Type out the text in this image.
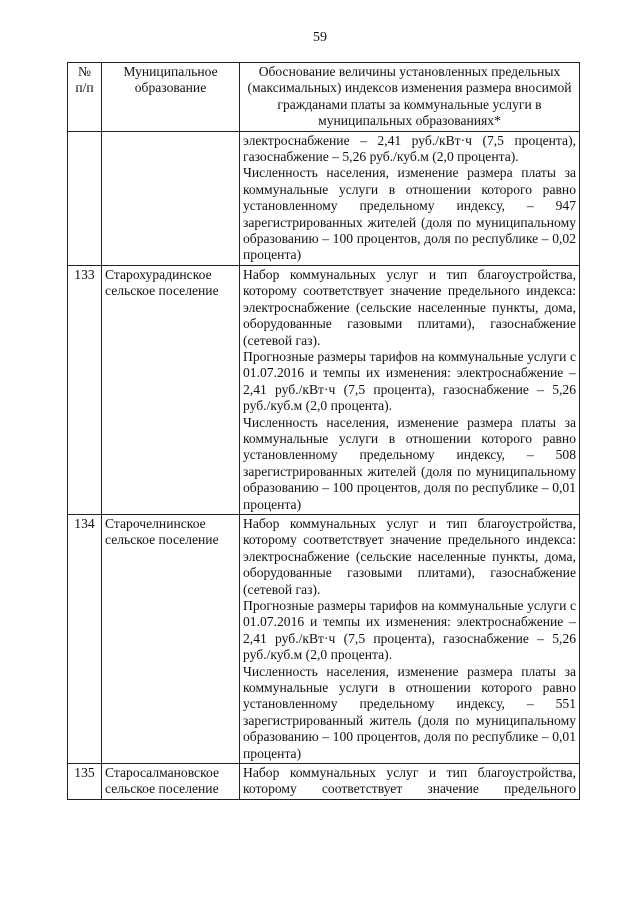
59
№ п/п	Муниципальное образование	Обоснование величины установленных предельных (максимальных) индексов изменения размера вносимой гражданами платы за коммунальные услуги в муниципальных образованиях*

		электроснабжение – 2,41 руб./кВт·ч (7,5 процента), газоснабжение – 5,26 руб./куб.м (2,0 процента).

Численность населения, изменение размера платы за коммунальные услуги в отношении которого равно установленному предельному индексу, – 947 зарегистрированных жителей (доля по муниципальному образованию – 100 процентов, доля по республике – 0,02 процента)

133	Старохурадинское сельское поселение	Набор коммунальных услуг и тип благоустройства, которому соответствует значение предельного индекса: электроснабжение (сельские населенные пункты, дома, оборудованные газовыми плитами), газоснабжение (сетевой газ).

Прогнозные размеры тарифов на коммунальные услуги с 01.07.2016 и темпы их изменения: электроснабжение – 2,41 руб./кВт·ч (7,5 процента), газоснабжение – 5,26 руб./куб.м (2,0 процента).

Численность населения, изменение размера платы за коммунальные услуги в отношении которого равно установленному предельному индексу, – 508 зарегистрированных жителей (доля по муниципальному образованию – 100 процентов, доля по республике – 0,01 процента)

134	Старочелнинское сельское поселение	Набор коммунальных услуг и тип благоустройства, которому соответствует значение предельного индекса: электроснабжение (сельские населенные пункты, дома, оборудованные газовыми плитами), газоснабжение (сетевой газ).

Прогнозные размеры тарифов на коммунальные услуги с 01.07.2016 и темпы их изменения: электроснабжение – 2,41 руб./кВт·ч (7,5 процента), газоснабжение – 5,26 руб./куб.м (2,0 процента).

Численность населения, изменение размера платы за коммунальные услуги в отношении которого равно установленному предельному индексу, – 551 зарегистрированный житель (доля по муниципальному образованию – 100 процентов, доля по республике – 0,01 процента)

135	Старосалмановское сельское поселение	Набор коммунальных услуг и тип благоустройства, которому соответствует значение предельного
